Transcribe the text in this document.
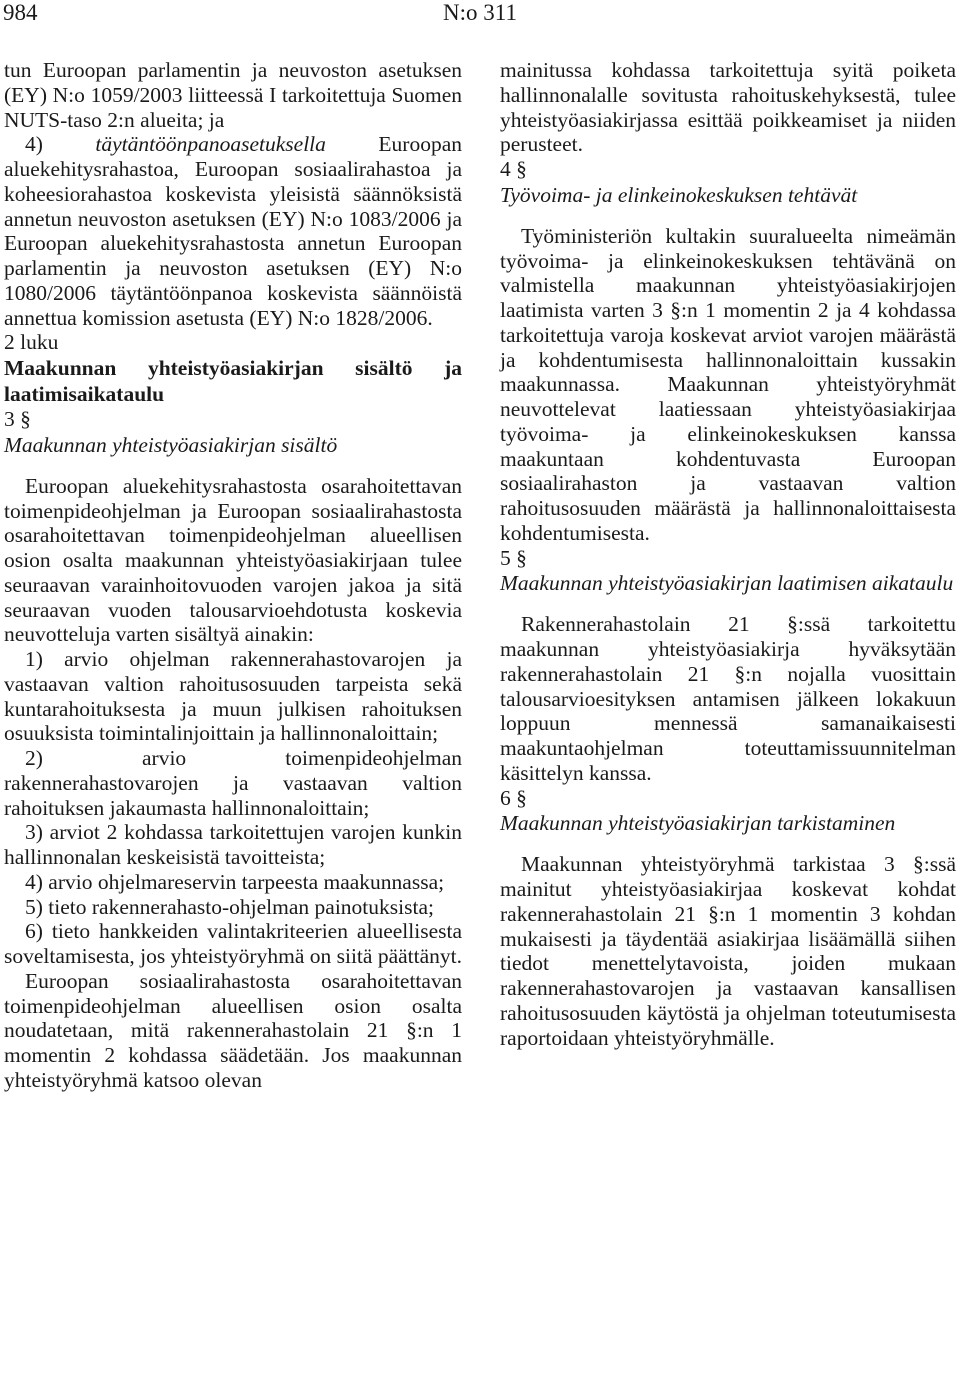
984	N:o 311

tun Euroopan parlamentin ja neuvoston asetuksen (EY) N:o 1059/2003 liitteessä I tarkoitettuja Suomen NUTS-taso 2:n alueita; ja

4) täytäntöönpanoasetuksella Euroopan aluekehitysrahastoa, Euroopan sosiaalirahastoa ja koheesiorahastoa koskevista yleisistä säännöksistä annetun neuvoston asetuksen (EY) N:o 1083/2006 ja Euroopan aluekehitysrahastosta annetun Euroopan parlamentin ja neuvoston asetuksen (EY) N:o 1080/2006 täytäntöönpanoa koskevista säännöistä annettua komission asetusta (EY) N:o 1828/2006.

2 luku

Maakunnan yhteistyöasiakirjan sisältö ja laatimisaikataulu

3 §

Maakunnan yhteistyöasiakirjan sisältö

Euroopan aluekehitysrahastosta osarahoitettavan toimenpideohjelman ja Euroopan sosiaalirahastosta osarahoitettavan toimenpideohjelman alueellisen osion osalta maakunnan yhteistyöasiakirjaan tulee seuraavan varainhoitovuoden varojen jakoa ja sitä seuraavan vuoden talousarvioehdotusta koskevia neuvotteluja varten sisältyä ainakin:

1) arvio ohjelman rakennerahastovarojen ja vastaavan valtion rahoitusosuuden tarpeista sekä kuntarahoituksesta ja muun julkisen rahoituksen osuuksista toimintalinjoittain ja hallinnonaloittain;

2) arvio toimenpideohjelman rakennerahastovarojen ja vastaavan valtion rahoituksen jakaumasta hallinnonaloittain;

3) arviot 2 kohdassa tarkoitettujen varojen kunkin hallinnonalan keskeisistä tavoitteista;

4) arvio ohjelmareservin tarpeesta maakunnassa;

5) tieto rakennerahasto-ohjelman painotuksista;

6) tieto hankkeiden valintakriteerien alueellisesta soveltamisesta, jos yhteistyöryhmä on siitä päättänyt.

Euroopan sosiaalirahastosta osarahoitettavan toimenpideohjelman alueellisen osion osalta noudatetaan, mitä rakennerahastolain 21 §:n 1 momentin 2 kohdassa säädetään. Jos maakunnan yhteistyöryhmä katsoo olevan

mainitussa kohdassa tarkoitettuja syitä poiketa hallinnonalalle sovitusta rahoituskehyksestä, tulee yhteistyöasiakirjassa esittää poikkeamiset ja niiden perusteet.

4 §

Työvoima- ja elinkeinokeskuksen tehtävät

Työministeriön kultakin suuralueelta nimeämän työvoima- ja elinkeinokeskuksen tehtävänä on valmistella maakunnan yhteistyöasiakirjojen laatimista varten 3 §:n 1 momentin 2 ja 4 kohdassa tarkoitettuja varoja koskevat arviot varojen määrästä ja kohdentumisesta hallinnonaloittain kussakin maakunnassa. Maakunnan yhteistyöryhmät neuvottelevat laatiessaan yhteistyöasiakirjaa työvoima- ja elinkeinokeskuksen kanssa maakuntaan kohdentuvasta Euroopan sosiaalirahaston ja vastaavan valtion rahoitusosuuden määrästä ja hallinnonaloittaisesta kohdentumisesta.

5 §

Maakunnan yhteistyöasiakirjan laatimisen aikataulu

Rakennerahastolain 21 §:ssä tarkoitettu maakunnan yhteistyöasiakirja hyväksytään rakennerahastolain 21 §:n nojalla vuosittain talousarvioesityksen antamisen jälkeen lokakuun loppuun mennessä samanaikaisesti maakuntaohjelman toteuttamissuunnitelman käsittelyn kanssa.

6 §

Maakunnan yhteistyöasiakirjan tarkistaminen

Maakunnan yhteistyöryhmä tarkistaa 3 §:ssä mainitut yhteistyöasiakirjaa koskevat kohdat rakennerahastolain 21 §:n 1 momentin 3 kohdan mukaisesti ja täydentää asiakirjaa lisäämällä siihen tiedot menettelytavoista, joiden mukaan rakennerahastovarojen ja vastaavan kansallisen rahoitusosuuden käytöstä ja ohjelman toteutumisesta raportoidaan yhteistyöryhmälle.
